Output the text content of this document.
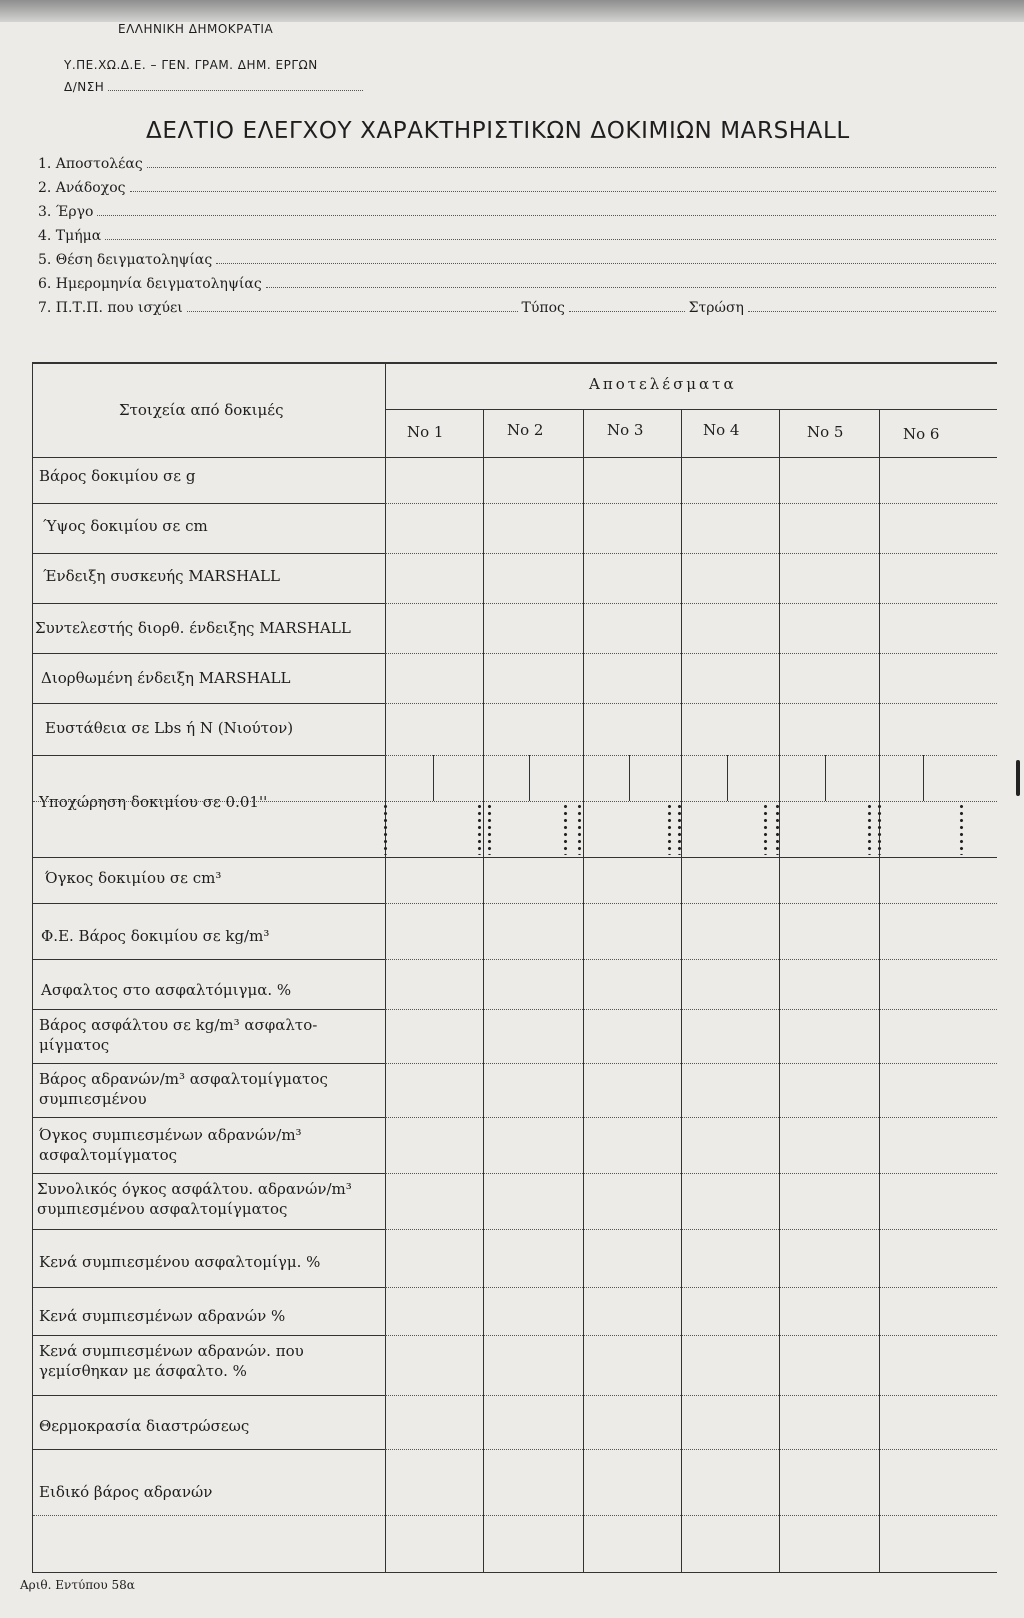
ΕΛΛΗΝΙΚΗ ΔΗΜΟΚΡΑΤΙΑ
Υ.ΠΕ.ΧΩ.Δ.Ε. – ΓΕΝ. ΓΡΑΜ. ΔΗΜ. ΕΡΓΩΝ
Δ/ΝΣΗ
ΔΕΛΤΙΟ ΕΛΕΓΧΟΥ ΧΑΡΑΚΤΗΡΙΣΤΙΚΩΝ ΔΟΚΙΜΙΩΝ MARSHALL
1. Αποστολέας
2. Ανάδοχος
3. Έργο
4. Τμήμα
5. Θέση δειγματοληψίας
6. Ημερομηνία δειγματοληψίας
7. Π.Τ.Π. που ισχύει	Τύπος	Στρώση
Στοιχεία από δοκιμές
Αποτελέσματα
No 1	No 2	No 3	No 4	No 5	No 6
Βάρος δοκιμίου σε g
Ύψος δοκιμίου σε cm
Ένδειξη συσκευής MARSHALL
Συντελεστής διορθ. ένδειξης MARSHALL
Διορθωμένη ένδειξη MARSHALL
Ευστάθεια σε Lbs ή N (Νιούτον)
Υποχώρηση δοκιμίου σε 0.01''
Όγκος δοκιμίου σε cm³
Φ.Ε. Βάρος δοκιμίου σε kg/m³
Ασφαλτος στο ασφαλτόμιγμα. %
Βάρος ασφάλτου σε kg/m³ ασφαλτο-μίγματος
Βάρος αδρανών/m³ ασφαλτομίγματος συμπιεσμένου
Όγκος συμπιεσμένων αδρανών/m³ ασφαλτομίγματος
Συνολικός όγκος ασφάλτου. αδρανών/m³ συμπιεσμένου ασφαλτομίγματος
Κενά συμπιεσμένου ασφαλτομίγμ. %
Κενά συμπιεσμένων αδρανών %
Κενά συμπιεσμένων αδρανών. που γεμίσθηκαν με άσφαλτο. %
Θερμοκρασία διαστρώσεως
Ειδικό βάρος αδρανών
Αριθ. Εντύπου 58α
